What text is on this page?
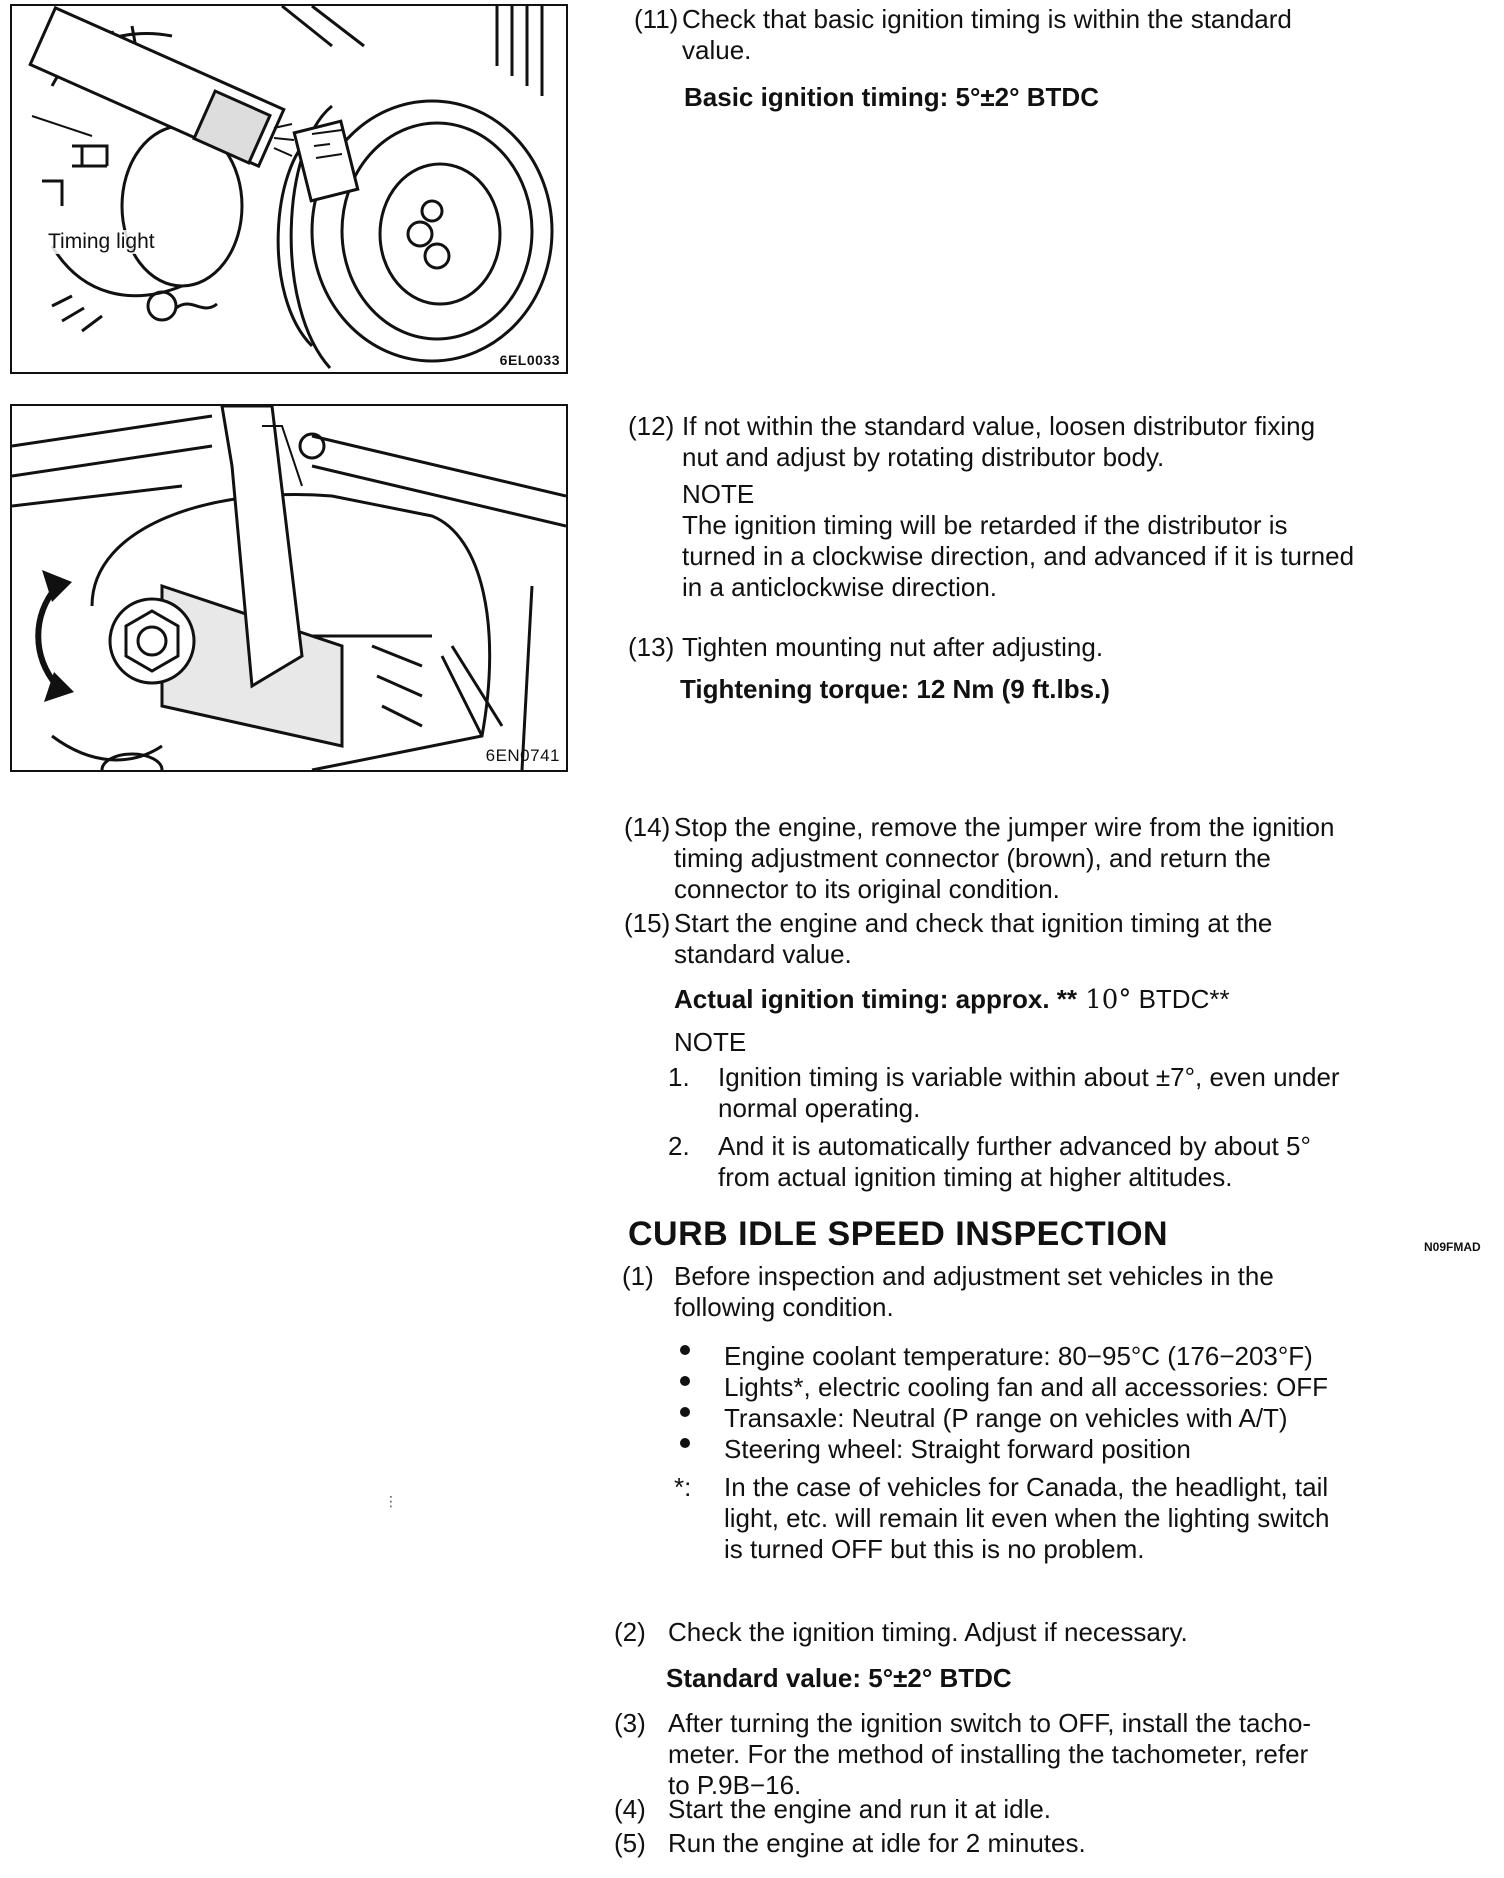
Timing light
6EL0033
6EN0741
⋮
(11) Check that basic ignition timing is within the standard
value.
Basic ignition timing: 5°±2° BTDC
(12) If not within the standard value, loosen distributor fixing
nut and adjust by rotating distributor body.
NOTE
The ignition timing will be retarded if the distributor is
turned in a clockwise direction, and advanced if it is turned
in a anticlockwise direction.
(13) Tighten mounting nut after adjusting.
Tightening torque: 12 Nm (9 ft.lbs.)
(14) Stop the engine, remove the jumper wire from the ignition
timing adjustment connector (brown), and return the
connector to its original condition.
(15) Start the engine and check that ignition timing at the
standard value.
Actual ignition timing: approx. ** 10° BTDC**
NOTE
1. Ignition timing is variable within about ±7°, even under
normal operating.
2. And it is automatically further advanced by about 5°
from actual ignition timing at higher altitudes.
CURB IDLE SPEED INSPECTION	N09FMAD
(1) Before inspection and adjustment set vehicles in the
following condition.
Engine coolant temperature: 80−95°C (176−203°F)
Lights*, electric cooling fan and all accessories: OFF
Transaxle: Neutral (P range on vehicles with A/T)
Steering wheel: Straight forward position
*: In the case of vehicles for Canada, the headlight, tail
light, etc. will remain lit even when the lighting switch
is turned OFF but this is no problem.
(2) Check the ignition timing. Adjust if necessary.
Standard value: 5°±2° BTDC
(3) After turning the ignition switch to OFF, install the tacho-
meter. For the method of installing the tachometer, refer
to P.9B−16.
(4) Start the engine and run it at idle.
(5) Run the engine at idle for 2 minutes.
